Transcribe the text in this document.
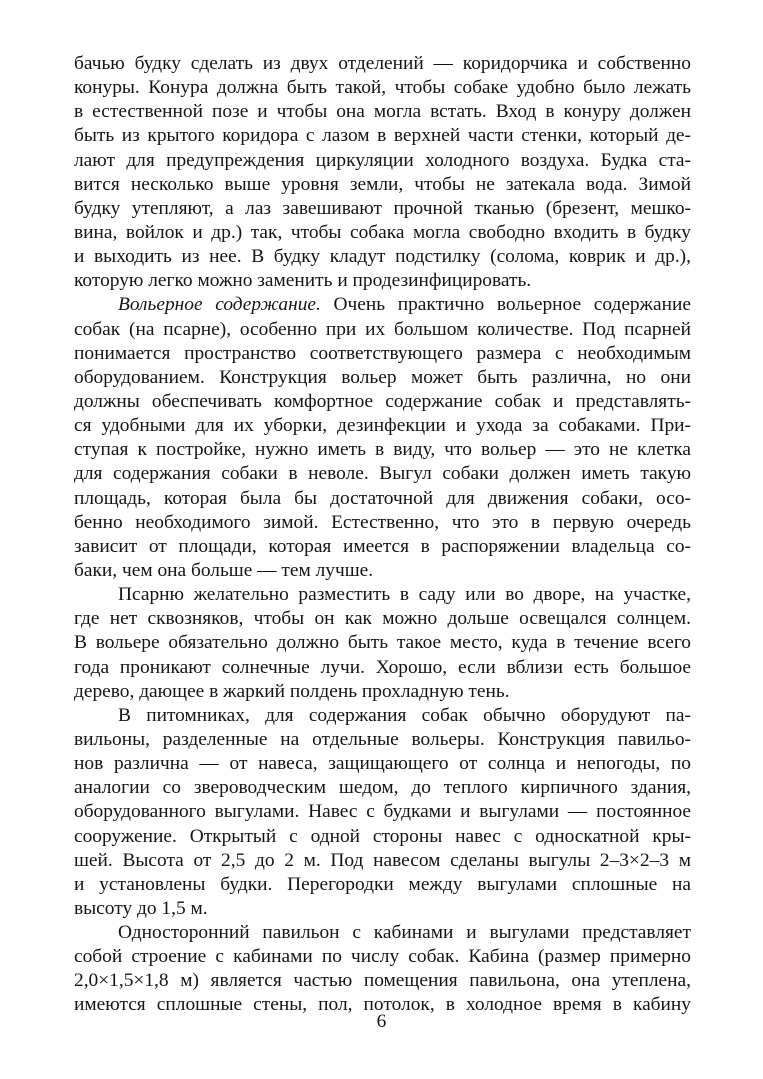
бачью будку сделать из двух отделений — коридорчика и собственно
конуры. Конура должна быть такой, чтобы собаке удобно было лежать
в естественной позе и чтобы она могла встать. Вход в конуру должен
быть из крытого коридора с лазом в верхней части стенки, который де-
лают для предупреждения циркуляции холодного воздуха. Будка ста-
вится несколько выше уровня земли, чтобы не затекала вода. Зимой
будку утепляют, а лаз завешивают прочной тканью (брезент, мешко-
вина, войлок и др.) так, чтобы собака могла свободно входить в будку
и выходить из нее. В будку кладут подстилку (солома, коврик и др.),
которую легко можно заменить и продезинфицировать.
Вольерное содержание. Очень практично вольерное содержание
собак (на псарне), особенно при их большом количестве. Под псарней
понимается пространство соответствующего размера с необходимым
оборудованием. Конструкция вольер может быть различна, но они
должны обеспечивать комфортное содержание собак и представлять-
ся удобными для их уборки, дезинфекции и ухода за собаками. При-
ступая к постройке, нужно иметь в виду, что вольер — это не клетка
для содержания собаки в неволе. Выгул собаки должен иметь такую
площадь, которая была бы достаточной для движения собаки, осо-
бенно необходимого зимой. Естественно, что это в первую очередь
зависит от площади, которая имеется в распоряжении владельца со-
баки, чем она больше — тем лучше.
Псарню желательно разместить в саду или во дворе, на участке,
где нет сквозняков, чтобы он как можно дольше освещался солнцем.
В вольере обязательно должно быть такое место, куда в течение всего
года проникают солнечные лучи. Хорошо, если вблизи есть большое
дерево, дающее в жаркий полдень прохладную тень.
В питомниках, для содержания собак обычно оборудуют па-
вильоны, разделенные на отдельные вольеры. Конструкция павильо-
нов различна — от навеса, защищающего от солнца и непогоды, по
аналогии со звероводческим шедом, до теплого кирпичного здания,
оборудованного выгулами. Навес с будками и выгулами — постоянное
сооружение. Открытый с одной стороны навес с односкатной кры-
шей. Высота от 2,5 до 2 м. Под навесом сделаны выгулы 2–3×2–3 м
и установлены будки. Перегородки между выгулами сплошные на
высоту до 1,5 м.
Односторонний павильон с кабинами и выгулами представляет
собой строение с кабинами по числу собак. Кабина (размер примерно
2,0×1,5×1,8 м) является частью помещения павильона, она утеплена,
имеются сплошные стены, пол, потолок, в холодное время в кабину
6
